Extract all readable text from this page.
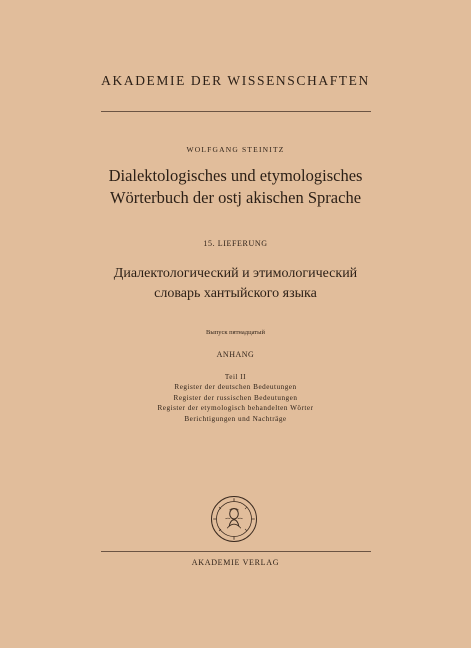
AKADEMIE DER WISSENSCHAFTEN
WOLFGANG STEINITZ
Dialektologisches und etymologisches
Wörterbuch der ostj akischen Sprache
15. LIEFERUNG
Диалектологический и этимологический
словарь хантыйского языка
Выпуск пятнадцатый
ANHANG
Teil II
Register der deutschen Bedeutungen
Register der russischen Bedeutungen
Register der etymologisch behandelten Wörter
Berichtigungen und Nachträge
AKADEMIE VERLAG
